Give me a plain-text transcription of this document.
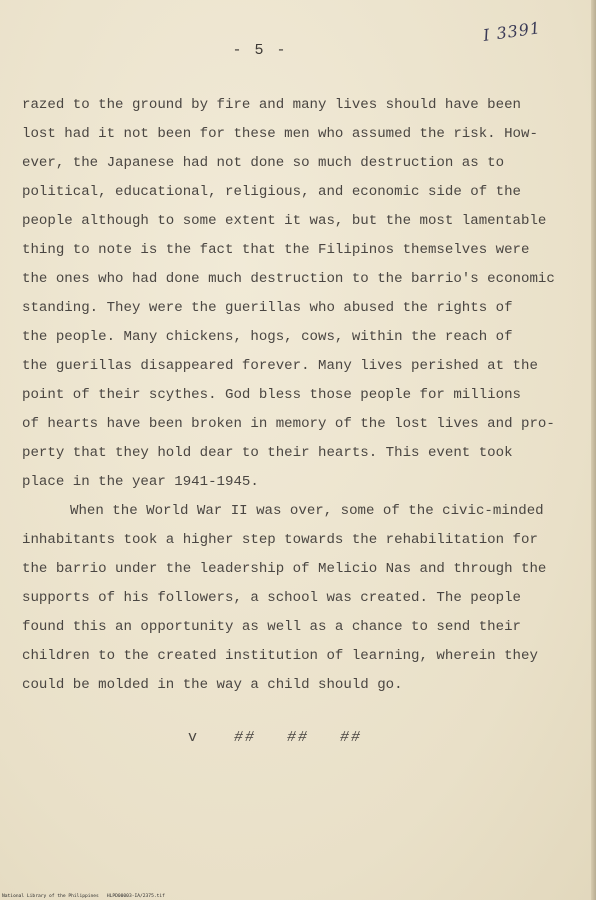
- 5 -
I 3391
razed to the ground by fire and many lives should have been
lost had it not been for these men who assumed the risk. How-
ever, the Japanese had not done so much destruction as to
political, educational, religious, and economic side of the
people although to some extent it was, but the most lamentable
thing to note is the fact that the Filipinos themselves were
the ones who had done much destruction to the barrio's economic
standing. They were the guerillas who abused the rights of
the people. Many chickens, hogs, cows, within the reach of
the guerillas disappeared forever. Many lives perished at the
point of their scythes. God bless those people for millions
of hearts have been broken in memory of the lost lives and pro-
perty that they hold dear to their hearts. This event took
place in the year 1941-1945.
When the World War II was over, some of the civic-minded
inhabitants took a higher step towards the rehabilitation for
the barrio under the leadership of Melicio Nas and through the
supports of his followers, a school was created. The people
found this an opportunity as well as a chance to send their
children to the created institution of learning, wherein they
could be molded in the way a child should go.
v ## ## ##
National Library of the Philippines HLPD00003-IA/2375.tif
